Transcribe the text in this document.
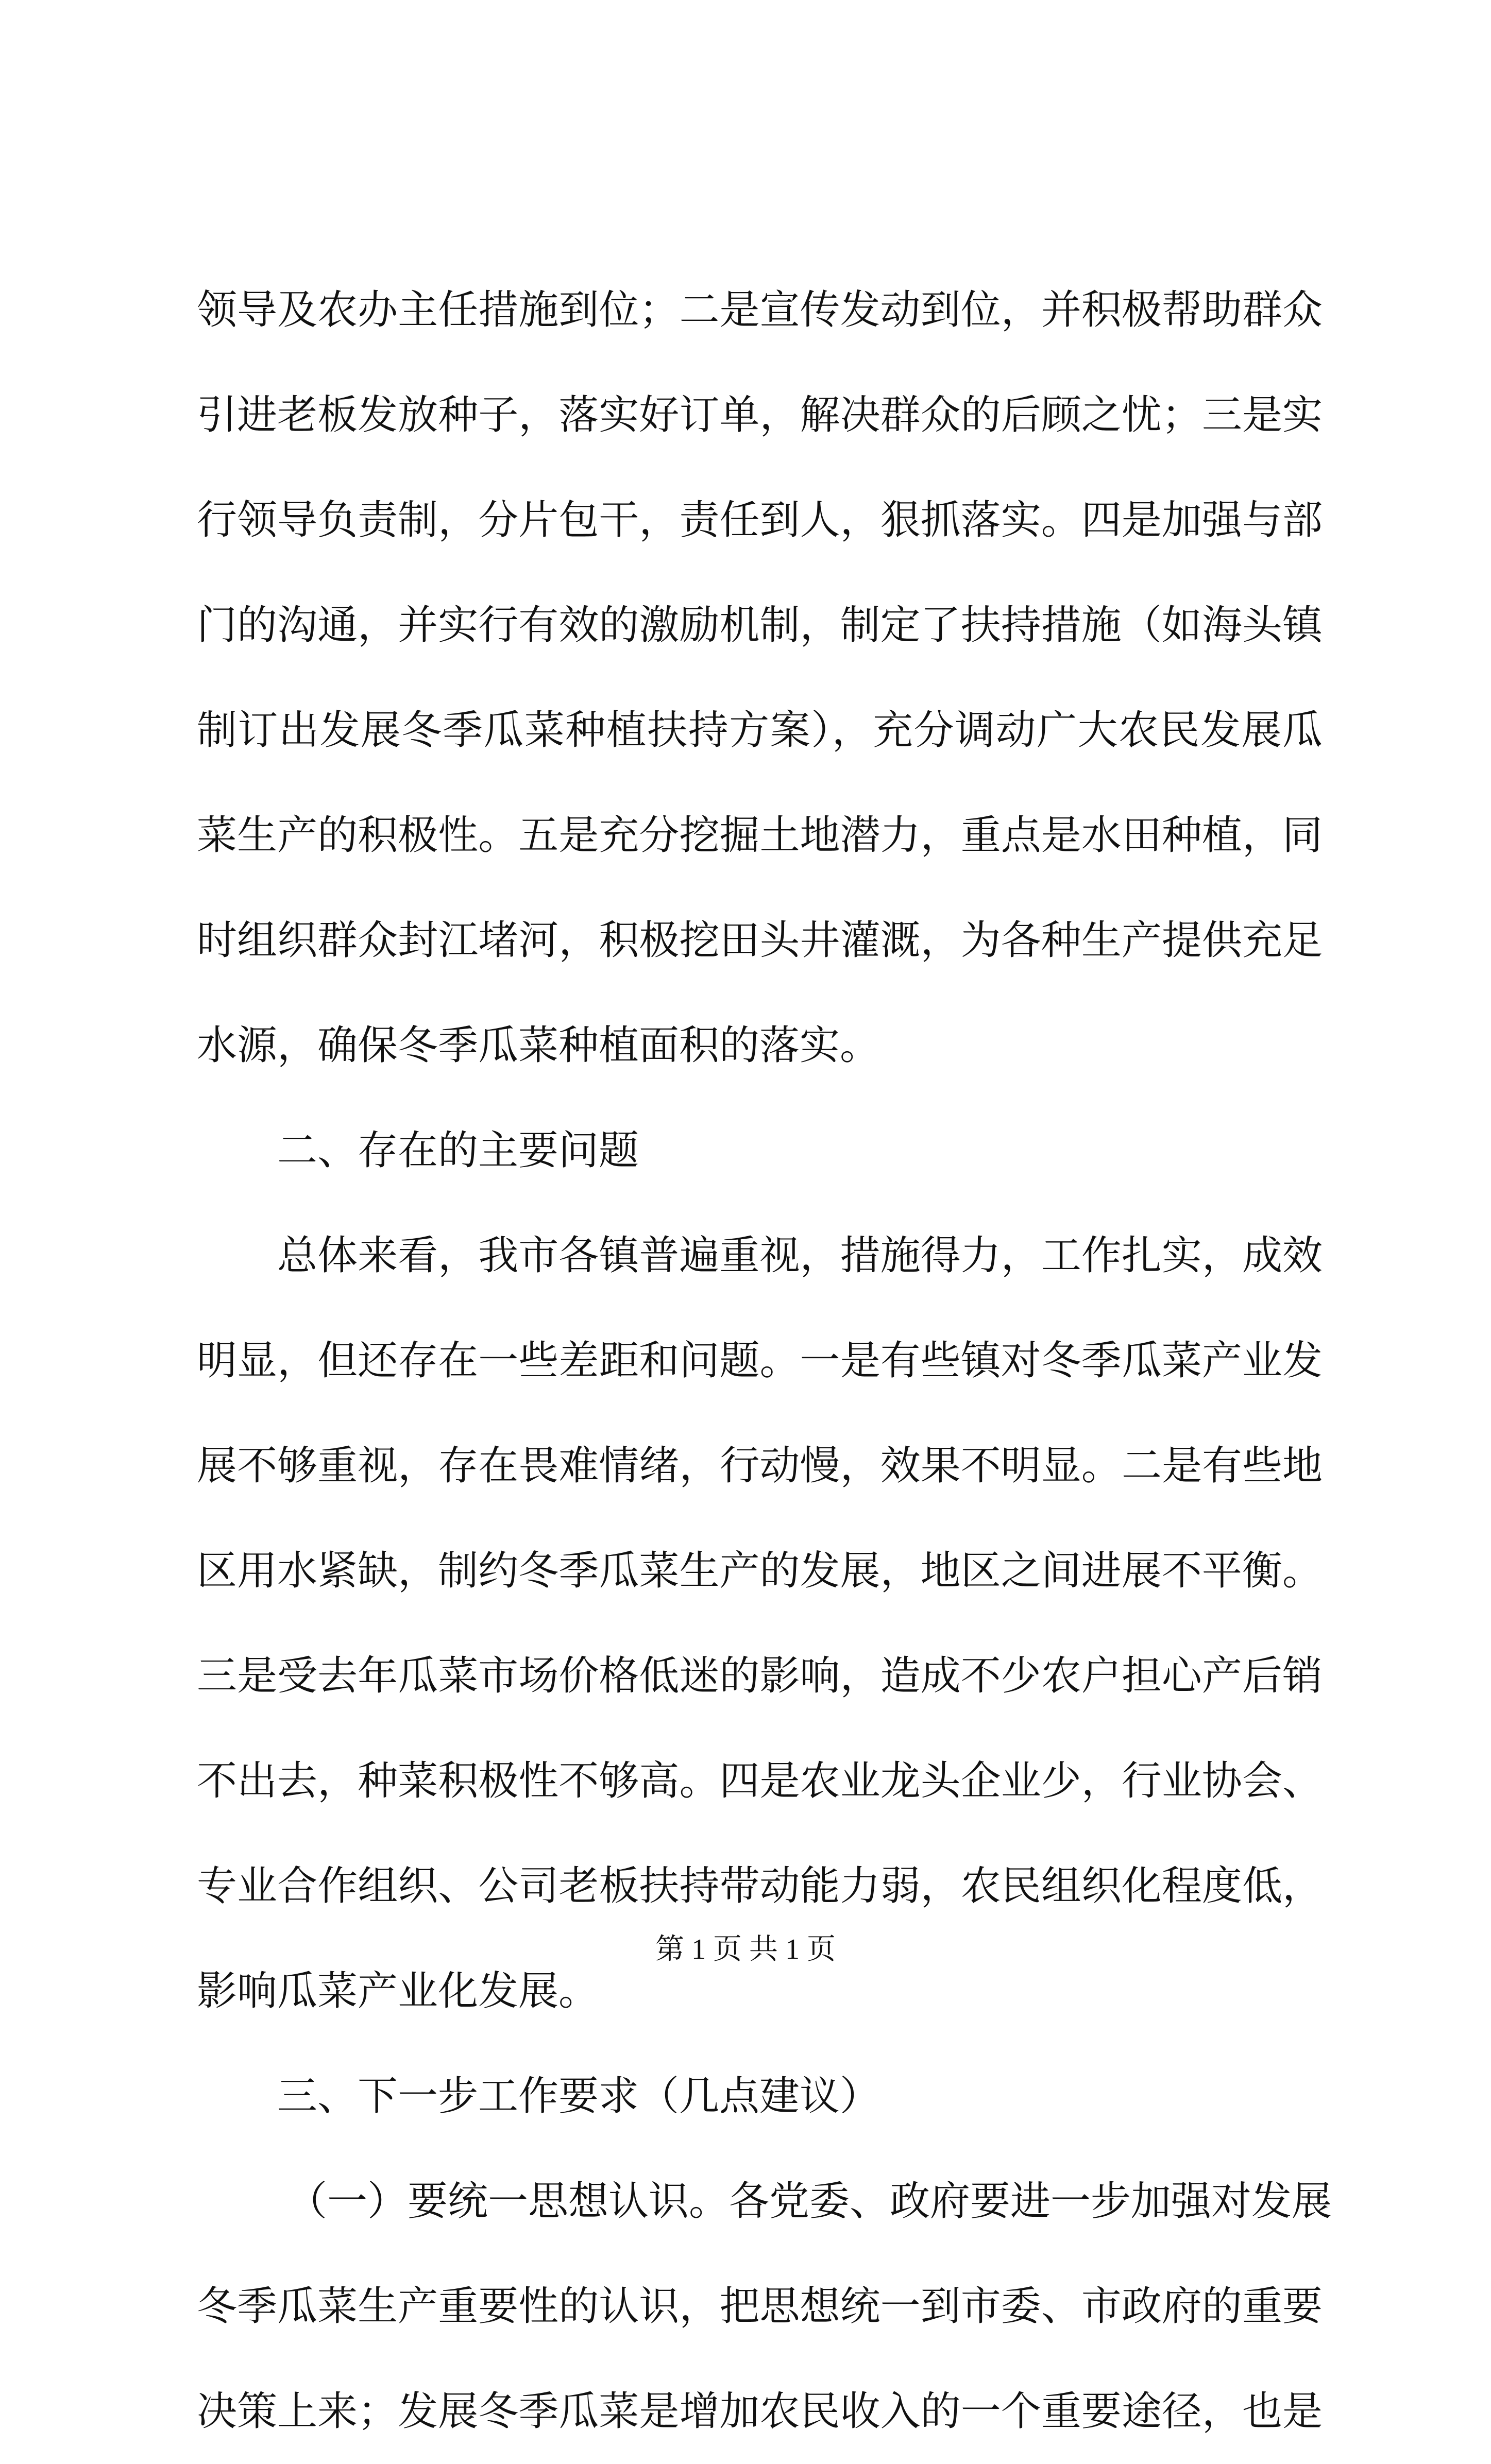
领导及农办主任措施到位；二是宣传发动到位，并积极帮助群众
引进老板发放种子，落实好订单，解决群众的后顾之忧；三是实
行领导负责制，分片包干，责任到人，狠抓落实。四是加强与部
门的沟通，并实行有效的激励机制，制定了扶持措施（如海头镇
制订出发展冬季瓜菜种植扶持方案），充分调动广大农民发展瓜
菜生产的积极性。五是充分挖掘土地潜力，重点是水田种植，同
时组织群众封江堵河，积极挖田头井灌溉，为各种生产提供充足
水源，确保冬季瓜菜种植面积的落实。
二、存在的主要问题
总体来看，我市各镇普遍重视，措施得力，工作扎实，成效
明显，但还存在一些差距和问题。一是有些镇对冬季瓜菜产业发
展不够重视，存在畏难情绪，行动慢，效果不明显。二是有些地
区用水紧缺，制约冬季瓜菜生产的发展，地区之间进展不平衡。
三是受去年瓜菜市场价格低迷的影响，造成不少农户担心产后销
不出去，种菜积极性不够高。四是农业龙头企业少，行业协会、
专业合作组织、公司老板扶持带动能力弱，农民组织化程度低，
影响瓜菜产业化发展。
三、下一步工作要求（几点建议）
（一）要统一思想认识。各党委、政府要进一步加强对发展
冬季瓜菜生产重要性的认识，把思想统一到市委、市政府的重要
决策上来；发展冬季瓜菜是增加农民收入的一个重要途径，也是
第 1 页 共 1 页
